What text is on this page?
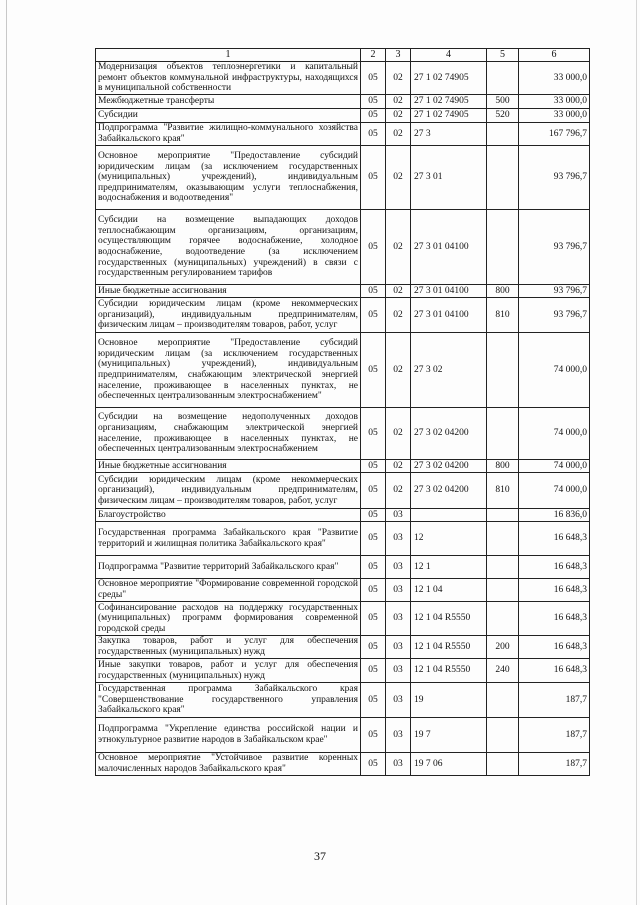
1	2	3	4	5	6
Модернизация объектов теплоэнергетики и капитальный ремонт объектов коммунальной инфраструктуры, находящихся в муниципальной собственности	05	02	27 1 02 74905		33 000,0
Межбюджетные трансферты	05	02	27 1 02 74905	500	33 000,0
Субсидии	05	02	27 1 02 74905	520	33 000,0
Подпрограмма "Развитие жилищно-коммунального хозяйства Забайкальского края"	05	02	27 3		167 796,7
Основное мероприятие "Предоставление субсидий юридическим лицам (за исключением государственных (муниципальных) учреждений), индивидуальным предпринимателям, оказывающим услуги теплоснабжения, водоснабжения и водоотведения"	05	02	27 3 01		93 796,7
Субсидии на возмещение выпадающих доходов теплоснабжающим организациям, организациям, осуществляющим горячее водоснабжение, холодное водоснабжение, водоотведение (за исключением государственных (муниципальных) учреждений) в связи с государственным регулированием тарифов	05	02	27 3 01 04100		93 796,7
Иные бюджетные ассигнования	05	02	27 3 01 04100	800	93 796,7
Субсидии юридическим лицам (кроме некоммерческих организаций), индивидуальным предпринимателям, физическим лицам – производителям товаров, работ, услуг	05	02	27 3 01 04100	810	93 796,7
Основное мероприятие "Предоставление субсидий юридическим лицам (за исключением государственных (муниципальных) учреждений), индивидуальным предпринимателям, снабжающим электрической энергией население, проживающее в населенных пунктах, не обеспеченных централизованным электроснабжением"	05	02	27 3 02		74 000,0
Субсидии на возмещение недополученных доходов организациям, снабжающим электрической энергией население, проживающее в населенных пунктах, не обеспеченных централизованным электроснабжением	05	02	27 3 02 04200		74 000,0
Иные бюджетные ассигнования	05	02	27 3 02 04200	800	74 000,0
Субсидии юридическим лицам (кроме некоммерческих организаций), индивидуальным предпринимателям, физическим лицам – производителям товаров, работ, услуг	05	02	27 3 02 04200	810	74 000,0
Благоустройство	05	03			16 836,0
Государственная программа Забайкальского края "Развитие территорий и жилищная политика Забайкальского края"	05	03	12		16 648,3
Подпрограмма "Развитие территорий Забайкальского края"	05	03	12 1		16 648,3
Основное мероприятие "Формирование современной городской среды"	05	03	12 1 04		16 648,3
Софинансирование расходов на поддержку государственных (муниципальных) программ формирования современной городской среды	05	03	12 1 04 R5550		16 648,3
Закупка товаров, работ и услуг для обеспечения государственных (муниципальных) нужд	05	03	12 1 04 R5550	200	16 648,3
Иные закупки товаров, работ и услуг для обеспечения государственных (муниципальных) нужд	05	03	12 1 04 R5550	240	16 648,3
Государственная программа Забайкальского края "Совершенствование государственного управления Забайкальского края"	05	03	19		187,7
Подпрограмма "Укрепление единства российской нации и этнокультурное развитие народов в Забайкальском крае"	05	03	19 7		187,7
Основное мероприятие "Устойчивое развитие коренных малочисленных народов Забайкальского края"	05	03	19 7 06		187,7
37
